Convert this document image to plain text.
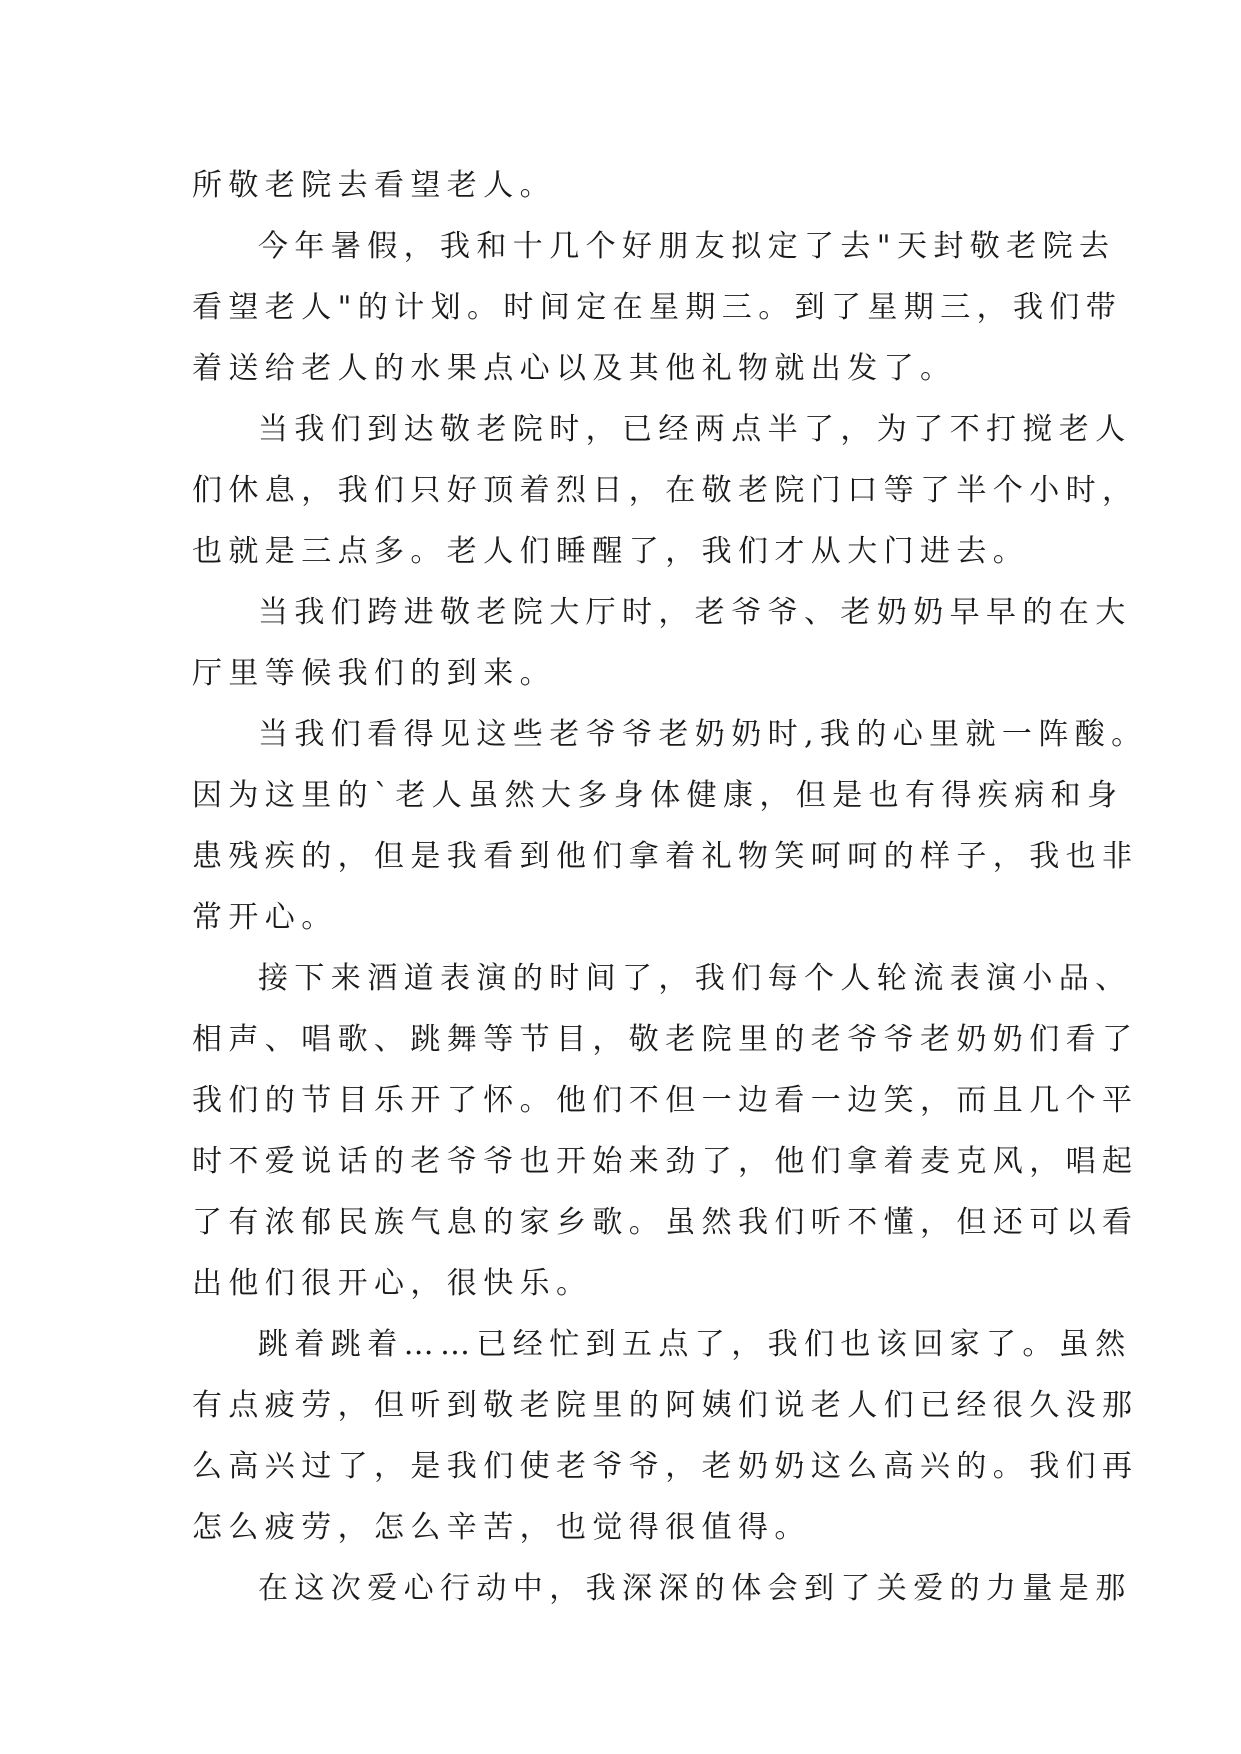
所敬老院去看望老人。
今年暑假，我和十几个好朋友拟定了去"天封敬老院去
看望老人"的计划。时间定在星期三。到了星期三，我们带
着送给老人的水果点心以及其他礼物就出发了。
当我们到达敬老院时，已经两点半了，为了不打搅老人
们休息，我们只好顶着烈日，在敬老院门口等了半个小时，
也就是三点多。老人们睡醒了，我们才从大门进去。
当我们跨进敬老院大厅时，老爷爷、老奶奶早早的在大
厅里等候我们的到来。
当我们看得见这些老爷爷老奶奶时,我的心里就一阵酸。
因为这里的`老人虽然大多身体健康，但是也有得疾病和身
患残疾的，但是我看到他们拿着礼物笑呵呵的样子，我也非
常开心。
接下来酒道表演的时间了，我们每个人轮流表演小品、
相声、唱歌、跳舞等节目，敬老院里的老爷爷老奶奶们看了
我们的节目乐开了怀。他们不但一边看一边笑，而且几个平
时不爱说话的老爷爷也开始来劲了，他们拿着麦克风，唱起
了有浓郁民族气息的家乡歌。虽然我们听不懂，但还可以看
出他们很开心，很快乐。
跳着跳着……已经忙到五点了，我们也该回家了。虽然
有点疲劳，但听到敬老院里的阿姨们说老人们已经很久没那
么高兴过了，是我们使老爷爷，老奶奶这么高兴的。我们再
怎么疲劳，怎么辛苦，也觉得很值得。
在这次爱心行动中，我深深的体会到了关爱的力量是那
